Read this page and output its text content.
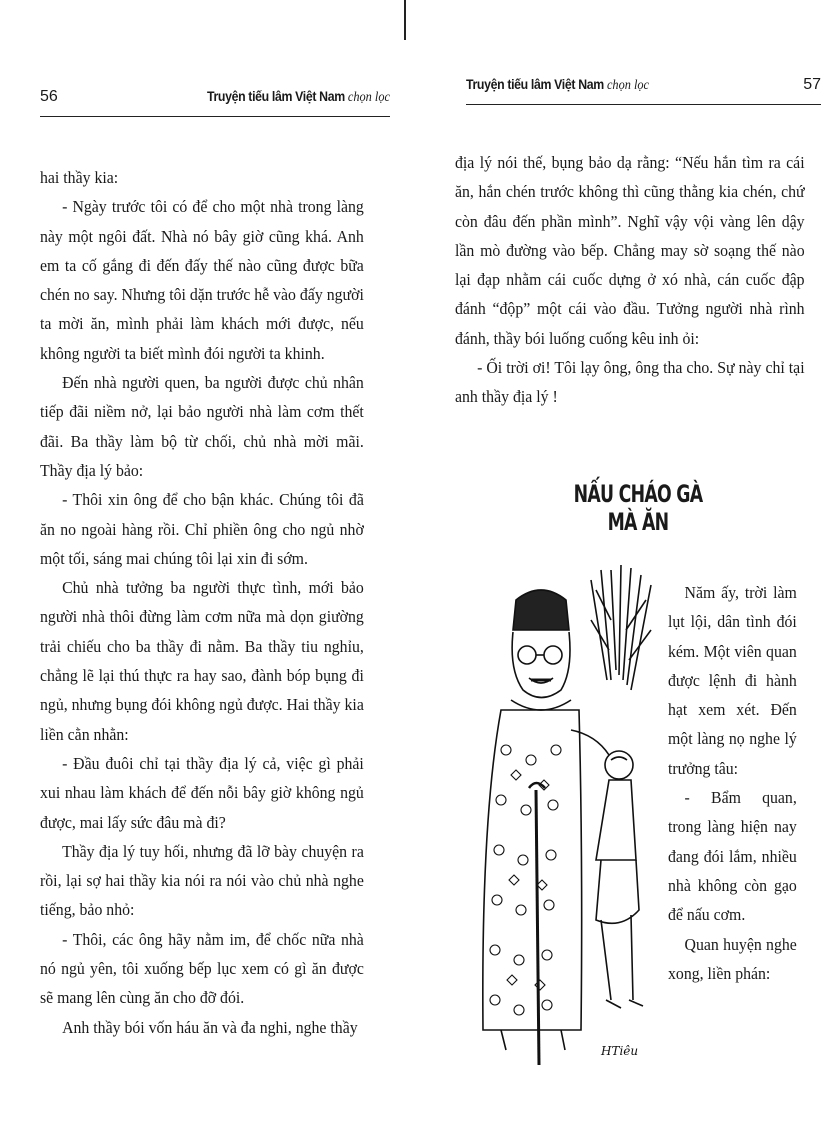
56	Truyện tiếu lâm Việt Nam chọn lọc

hai thầy kia:

- Ngày trước tôi có để cho một nhà trong làng này một ngôi đất. Nhà nó bây giờ cũng khá. Anh em ta cố gắng đi đến đấy thế nào cũng được bữa chén no say. Nhưng tôi dặn trước hễ vào đấy người ta mời ăn, mình phải làm khách mới được, nếu không người ta biết mình đói người ta khinh.

Đến nhà người quen, ba người được chủ nhân tiếp đãi niềm nở, lại bảo người nhà làm cơm thết đãi. Ba thầy làm bộ từ chối, chủ nhà mời mãi. Thầy địa lý bảo:

- Thôi xin ông để cho bận khác. Chúng tôi đã ăn no ngoài hàng rồi. Chỉ phiền ông cho ngủ nhờ một tối, sáng mai chúng tôi lại xin đi sớm.

Chủ nhà tưởng ba người thực tình, mới bảo người nhà thôi đừng làm cơm nữa mà dọn giường trải chiếu cho ba thầy đi nằm. Ba thầy tiu nghỉu, chẳng lẽ lại thú thực ra hay sao, đành bóp bụng đi ngủ, nhưng bụng đói không ngủ được. Hai thầy kia liền cằn nhằn:

- Đầu đuôi chỉ tại thầy địa lý cả, việc gì phải xui nhau làm khách để đến nỗi bây giờ không ngủ được, mai lấy sức đâu mà đi?

Thầy địa lý tuy hối, nhưng đã lỡ bày chuyện ra rồi, lại sợ hai thầy kia nói ra nói vào chủ nhà nghe tiếng, bảo nhỏ:

- Thôi, các ông hãy nằm im, để chốc nữa nhà nó ngủ yên, tôi xuống bếp lục xem có gì ăn được sẽ mang lên cùng ăn cho đỡ đói.

Anh thầy bói vốn háu ăn và đa nghi, nghe thầy

Truyện tiếu lâm Việt Nam chọn lọc	57

địa lý nói thế, bụng bảo dạ rằng: “Nếu hắn tìm ra cái ăn, hắn chén trước không thì cũng thằng kia chén, chứ còn đâu đến phần mình”. Nghĩ vậy vội vàng lên dậy lần mò đường vào bếp. Chẳng may sờ soạng thế nào lại đạp nhằm cái cuốc dựng ở xó nhà, cán cuốc đập đánh “độp” một cái vào đầu. Tưởng người nhà rình đánh, thầy bói luống cuống kêu inh ỏi:

- Ối trời ơi! Tôi lạy ông, ông tha cho. Sự này chỉ tại anh thầy địa lý !

NẤU CHÁO GÀ MÀ ĂN
HTiêu

Năm ấy, trời làm lụt lội, dân tình đói kém. Một viên quan được lệnh đi hành hạt xem xét. Đến một làng nọ nghe lý trưởng tâu:

- Bẩm quan, trong làng hiện nay đang đói lắm, nhiều nhà không còn gạo để nấu cơm.

Quan huyện nghe xong, liền phán:
